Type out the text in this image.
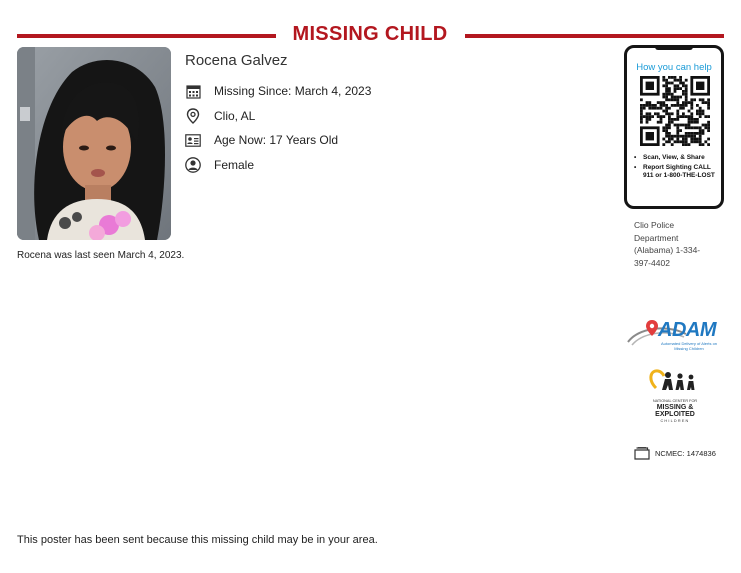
MISSING CHILD
Rocena was last seen March 4, 2023.
Rocena Galvez
Missing Since: March 4, 2023
Clio, AL
Age Now: 17 Years Old
Female
How you can help
• Scan, View, & Share
• Report Sighting CALL 911 or 1-800-THE-LOST
Clio Police Department (Alabama) 1-334-397-4402
ADAM
Automated Delivery of Alerts on Missing Children
NATIONAL CENTER FOR
MISSING &
EXPLOITED
CHILDREN
NCMEC: 1474836
This poster has been sent because this missing child may be in your area.
